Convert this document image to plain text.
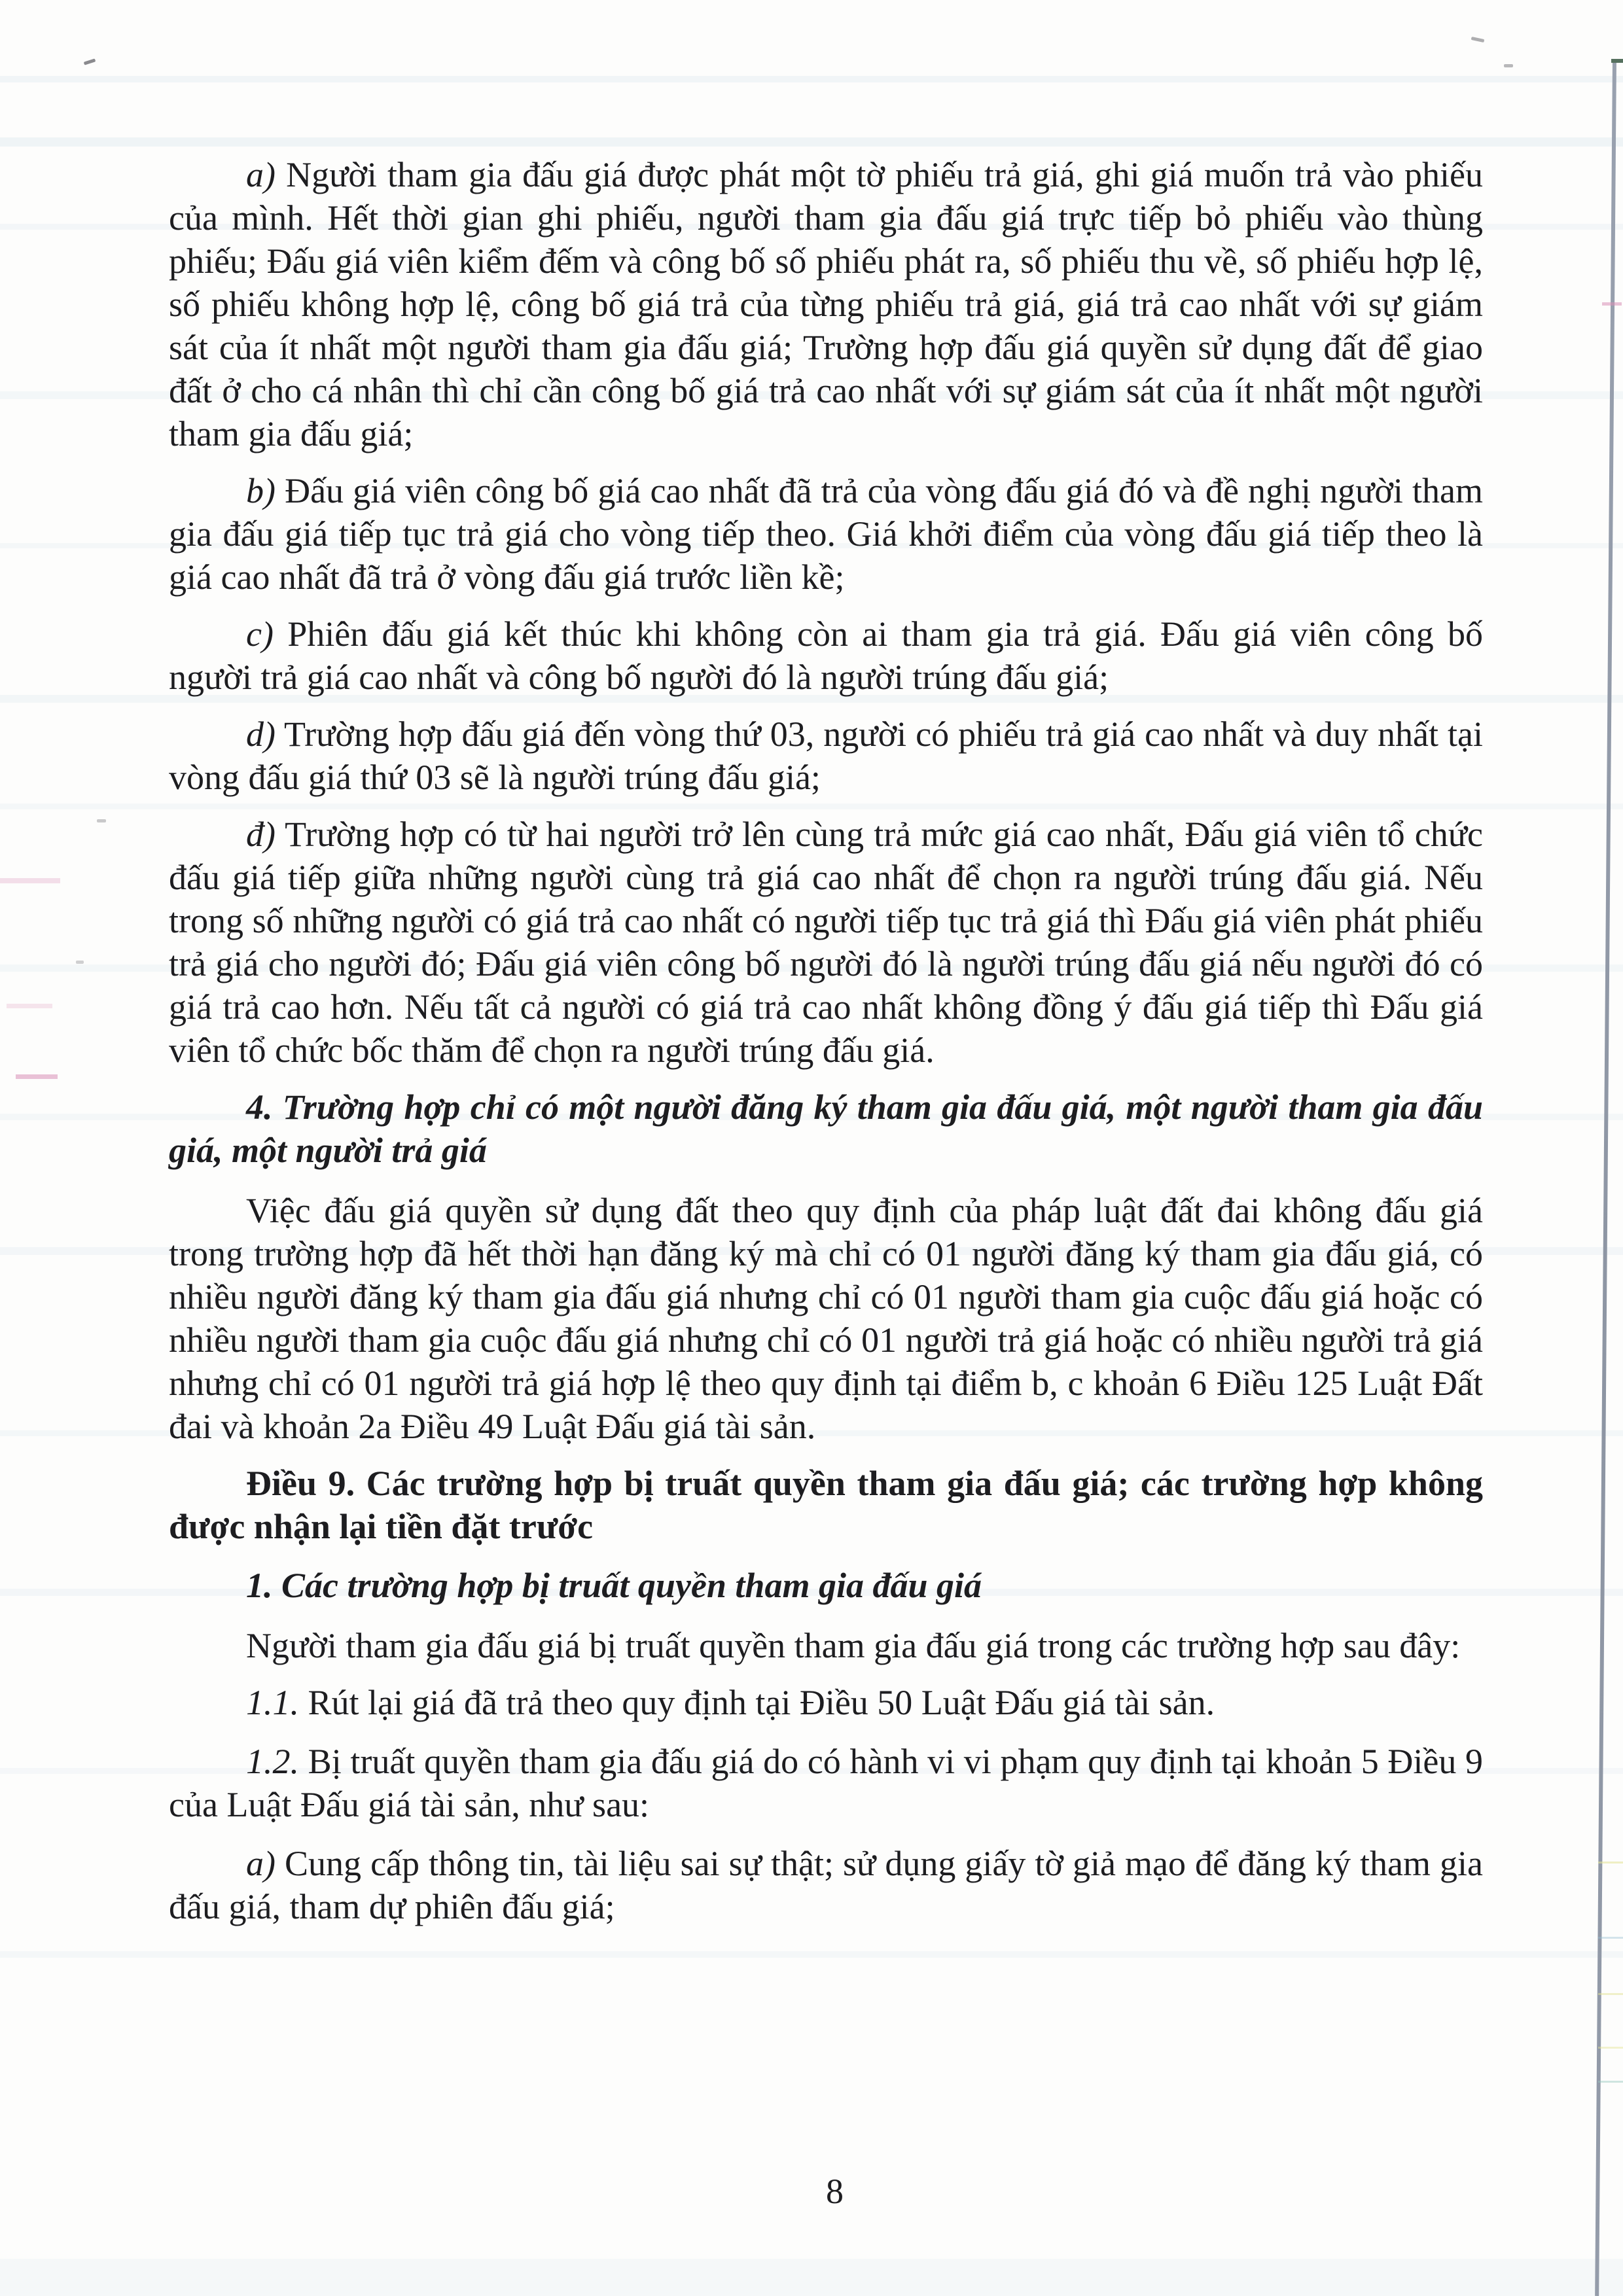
a) Người tham gia đấu giá được phát một tờ phiếu trả giá, ghi giá muốn trả vào phiếu của mình. Hết thời gian ghi phiếu, người tham gia đấu giá trực tiếp bỏ phiếu vào thùng phiếu; Đấu giá viên kiểm đếm và công bố số phiếu phát ra, số phiếu thu về, số phiếu hợp lệ, số phiếu không hợp lệ, công bố giá trả của từng phiếu trả giá, giá trả cao nhất với sự giám sát của ít nhất một người tham gia đấu giá; Trường hợp đấu giá quyền sử dụng đất để giao đất ở cho cá nhân thì chỉ cần công bố giá trả cao nhất với sự giám sát của ít nhất một người tham gia đấu giá;

b) Đấu giá viên công bố giá cao nhất đã trả của vòng đấu giá đó và đề nghị người tham gia đấu giá tiếp tục trả giá cho vòng tiếp theo. Giá khởi điểm của vòng đấu giá tiếp theo là giá cao nhất đã trả ở vòng đấu giá trước liền kề;

c) Phiên đấu giá kết thúc khi không còn ai tham gia trả giá. Đấu giá viên công bố người trả giá cao nhất và công bố người đó là người trúng đấu giá;

d) Trường hợp đấu giá đến vòng thứ 03, người có phiếu trả giá cao nhất và duy nhất tại vòng đấu giá thứ 03 sẽ là người trúng đấu giá;

đ) Trường hợp có từ hai người trở lên cùng trả mức giá cao nhất, Đấu giá viên tổ chức đấu giá tiếp giữa những người cùng trả giá cao nhất để chọn ra người trúng đấu giá. Nếu trong số những người có giá trả cao nhất có người tiếp tục trả giá thì Đấu giá viên phát phiếu trả giá cho người đó; Đấu giá viên công bố người đó là người trúng đấu giá nếu người đó có giá trả cao hơn. Nếu tất cả người có giá trả cao nhất không đồng ý đấu giá tiếp thì Đấu giá viên tổ chức bốc thăm để chọn ra người trúng đấu giá.

4. Trường hợp chỉ có một người đăng ký tham gia đấu giá, một người tham gia đấu giá, một người trả giá

Việc đấu giá quyền sử dụng đất theo quy định của pháp luật đất đai không đấu giá trong trường hợp đã hết thời hạn đăng ký mà chỉ có 01 người đăng ký tham gia đấu giá, có nhiều người đăng ký tham gia đấu giá nhưng chỉ có 01 người tham gia cuộc đấu giá hoặc có nhiều người tham gia cuộc đấu giá nhưng chỉ có 01 người trả giá hoặc có nhiều người trả giá nhưng chỉ có 01 người trả giá hợp lệ theo quy định tại điểm b, c khoản 6 Điều 125 Luật Đất đai và khoản 2a Điều 49 Luật Đấu giá tài sản.

Điều 9. Các trường hợp bị truất quyền tham gia đấu giá; các trường hợp không được nhận lại tiền đặt trước

1. Các trường hợp bị truất quyền tham gia đấu giá

Người tham gia đấu giá bị truất quyền tham gia đấu giá trong các trường hợp sau đây:

1.1. Rút lại giá đã trả theo quy định tại Điều 50 Luật Đấu giá tài sản.

1.2. Bị truất quyền tham gia đấu giá do có hành vi vi phạm quy định tại khoản 5 Điều 9 của Luật Đấu giá tài sản, như sau:

a) Cung cấp thông tin, tài liệu sai sự thật; sử dụng giấy tờ giả mạo để đăng ký tham gia đấu giá, tham dự phiên đấu giá;

8
